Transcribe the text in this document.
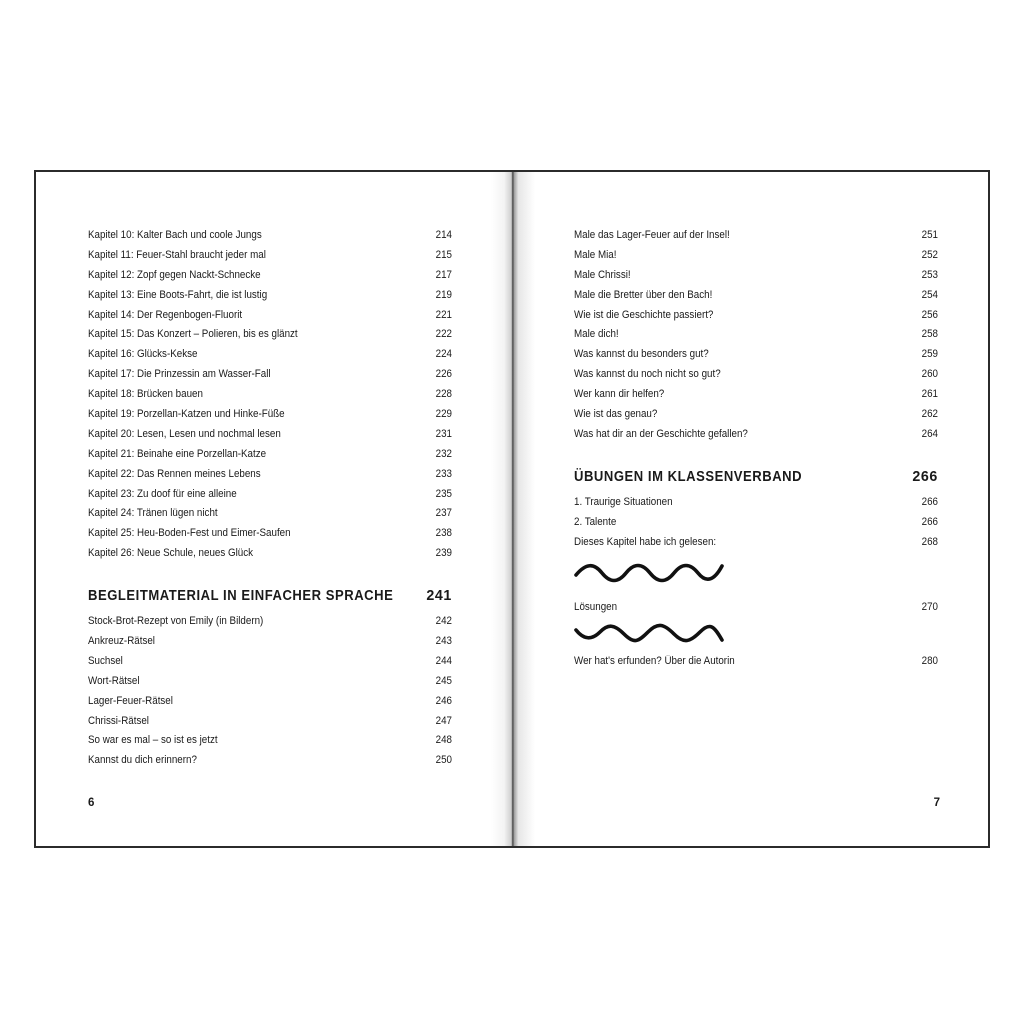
Kapitel 10: Kalter Bach und coole Jungs	214
Kapitel 11: Feuer-Stahl braucht jeder mal	215
Kapitel 12: Zopf gegen Nackt-Schnecke	217
Kapitel 13: Eine Boots-Fahrt, die ist lustig	219
Kapitel 14: Der Regenbogen-Fluorit	221
Kapitel 15: Das Konzert – Polieren, bis es glänzt	222
Kapitel 16: Glücks-Kekse	224
Kapitel 17: Die Prinzessin am Wasser-Fall	226
Kapitel 18: Brücken bauen	228
Kapitel 19: Porzellan-Katzen und Hinke-Füße	229
Kapitel 20: Lesen, Lesen und nochmal lesen	231
Kapitel 21: Beinahe eine Porzellan-Katze	232
Kapitel 22: Das Rennen meines Lebens	233
Kapitel 23: Zu doof für eine alleine	235
Kapitel 24: Tränen lügen nicht	237
Kapitel 25: Heu-Boden-Fest und Eimer-Saufen	238
Kapitel 26: Neue Schule, neues Glück	239
BEGLEITMATERIAL IN EINFACHER SPRACHE 241
Stock-Brot-Rezept von Emily (in Bildern)	242
Ankreuz-Rätsel	243
Suchsel	244
Wort-Rätsel	245
Lager-Feuer-Rätsel	246
Chrissi-Rätsel	247
So war es mal – so ist es jetzt	248
Kannst du dich erinnern?	250
6
Male das Lager-Feuer auf der Insel!	251
Male Mia!	252
Male Chrissi!	253
Male die Bretter über den Bach!	254
Wie ist die Geschichte passiert?	256
Male dich!	258
Was kannst du besonders gut?	259
Was kannst du noch nicht so gut?	260
Wer kann dir helfen?	261
Wie ist das genau?	262
Was hat dir an der Geschichte gefallen?	264
ÜBUNGEN IM KLASSENVERBAND	266
1. Traurige Situationen	266
2. Talente	266
Dieses Kapitel habe ich gelesen:	268
Lösungen	270
Wer hat's erfunden? Über die Autorin	280
7
